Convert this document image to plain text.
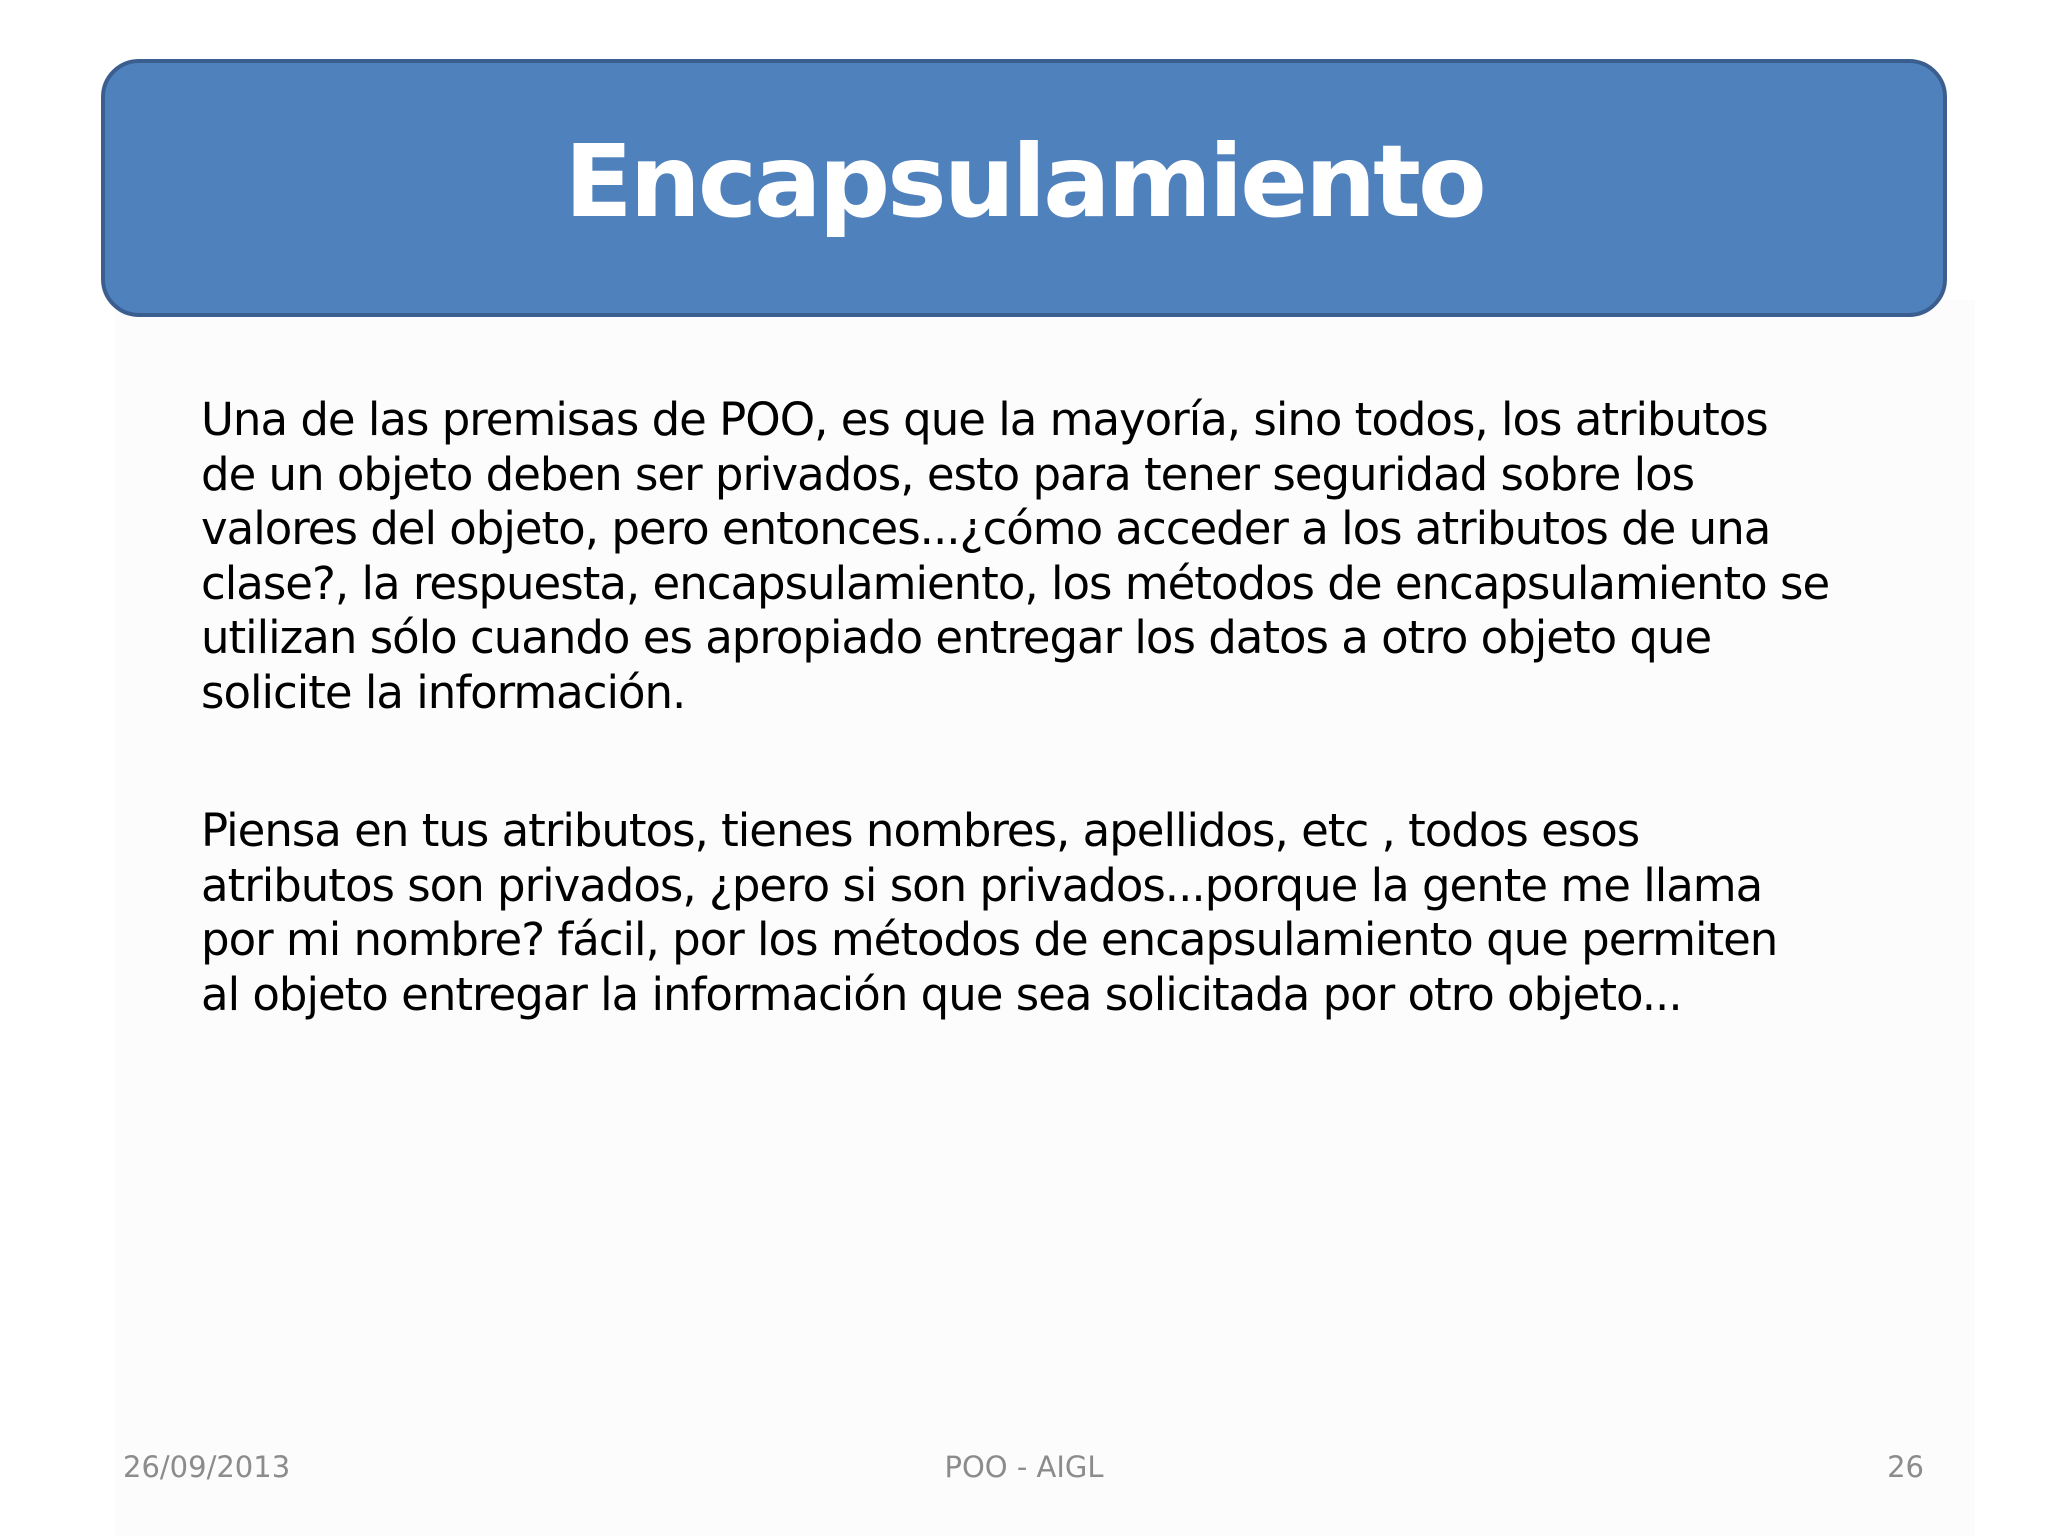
Encapsulamiento

Una de las premisas de POO, es que la mayoría, sino todos, los atributos
de un objeto deben ser privados, esto para tener seguridad sobre los
valores del objeto, pero entonces...¿cómo acceder a los atributos de una
clase?, la respuesta, encapsulamiento, los métodos de encapsulamiento se
utilizan sólo cuando es apropiado entregar los datos a otro objeto que
solicite la información.

Piensa en tus atributos, tienes nombres, apellidos, etc , todos esos
atributos son privados, ¿pero si son privados...porque la gente me llama
por mi nombre? fácil, por los métodos de encapsulamiento que permiten
al objeto entregar la información que sea solicitada por otro objeto...

26/09/2013	POO - AIGL	26
